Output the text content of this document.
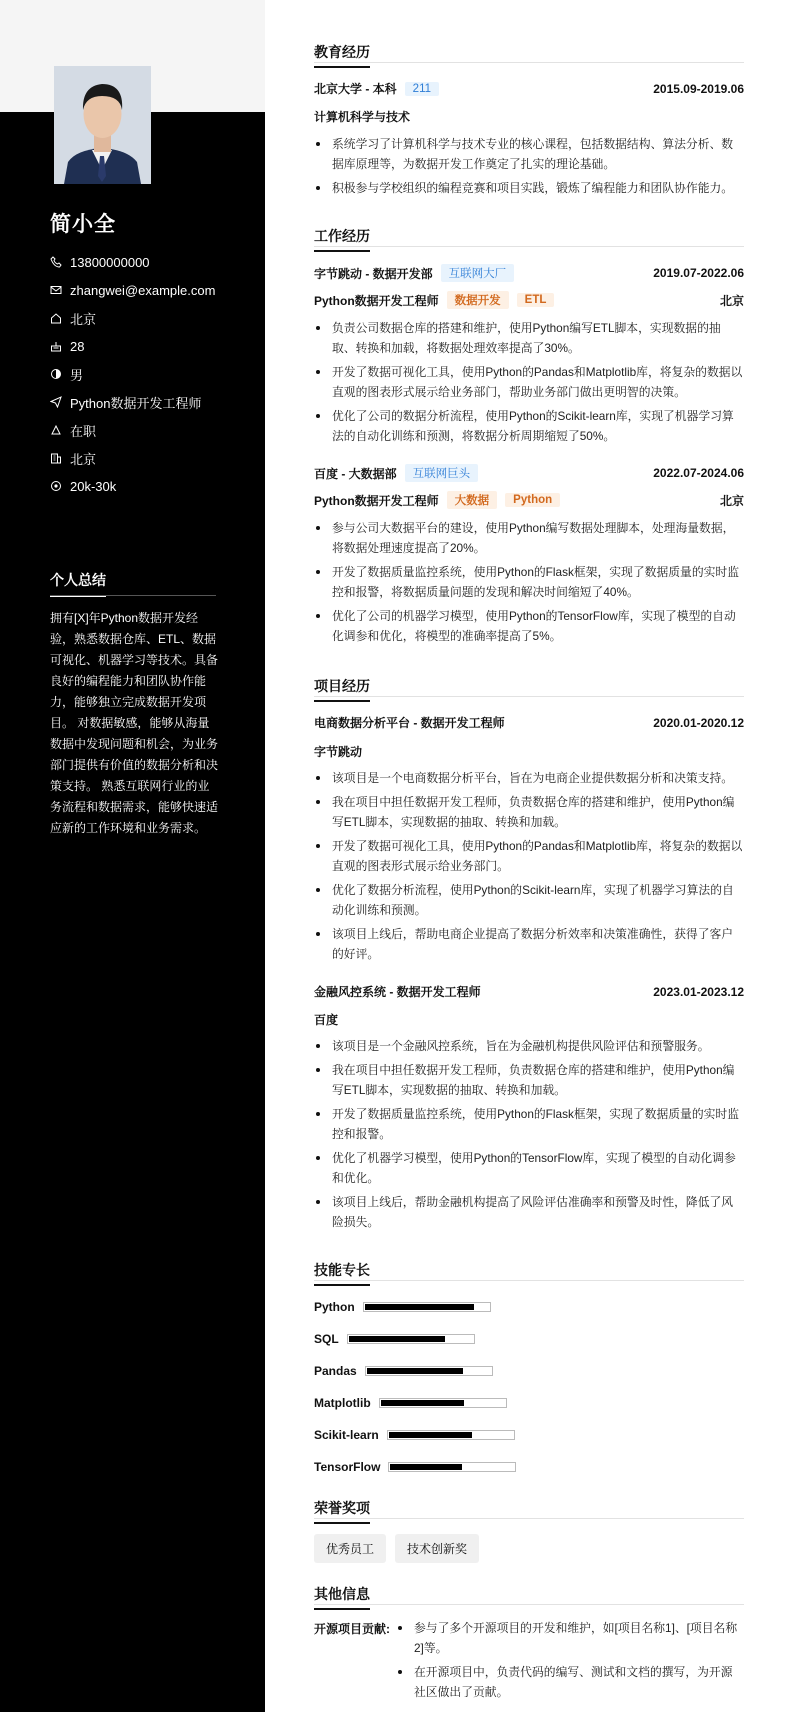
简小全
13800000000
zhangwei@example.com
北京
28
男
Python数据开发工程师
在职
北京
20k-30k
个人总结
拥有[X]年Python数据开发经验，熟悉数据仓库、ETL、数据可视化、机器学习等技术。具备良好的编程能力和团队协作能力，能够独立完成数据开发项目。 对数据敏感，能够从海量数据中发现问题和机会，为业务部门提供有价值的数据分析和决策支持。 熟悉互联网行业的业务流程和数据需求，能够快速适应新的工作环境和业务需求。
教育经历
北京大学 - 本科	211	2015.09-2019.06
计算机科学与技术
系统学习了计算机科学与技术专业的核心课程，包括数据结构、算法分析、数据库原理等，为数据开发工作奠定了扎实的理论基础。
积极参与学校组织的编程竞赛和项目实践，锻炼了编程能力和团队协作能力。
工作经历
字节跳动 - 数据开发部	互联网大厂	2019.07-2022.06
Python数据开发工程师	数据开发	ETL	北京
负责公司数据仓库的搭建和维护，使用Python编写ETL脚本，实现数据的抽取、转换和加载，将数据处理效率提高了30%。
开发了数据可视化工具，使用Python的Pandas和Matplotlib库，将复杂的数据以直观的图表形式展示给业务部门，帮助业务部门做出更明智的决策。
优化了公司的数据分析流程，使用Python的Scikit-learn库，实现了机器学习算法的自动化训练和预测，将数据分析周期缩短了50%。
百度 - 大数据部	互联网巨头	2022.07-2024.06
Python数据开发工程师	大数据	Python	北京
参与公司大数据平台的建设，使用Python编写数据处理脚本，处理海量数据，将数据处理速度提高了20%。
开发了数据质量监控系统，使用Python的Flask框架，实现了数据质量的实时监控和报警，将数据质量问题的发现和解决时间缩短了40%。
优化了公司的机器学习模型，使用Python的TensorFlow库，实现了模型的自动化调参和优化，将模型的准确率提高了5%。
项目经历
电商数据分析平台 - 数据开发工程师	2020.01-2020.12
字节跳动
该项目是一个电商数据分析平台，旨在为电商企业提供数据分析和决策支持。
我在项目中担任数据开发工程师，负责数据仓库的搭建和维护，使用Python编写ETL脚本，实现数据的抽取、转换和加载。
开发了数据可视化工具，使用Python的Pandas和Matplotlib库，将复杂的数据以直观的图表形式展示给业务部门。
优化了数据分析流程，使用Python的Scikit-learn库，实现了机器学习算法的自动化训练和预测。
该项目上线后，帮助电商企业提高了数据分析效率和决策准确性，获得了客户的好评。
金融风控系统 - 数据开发工程师	2023.01-2023.12
百度
该项目是一个金融风控系统，旨在为金融机构提供风险评估和预警服务。
我在项目中担任数据开发工程师，负责数据仓库的搭建和维护，使用Python编写ETL脚本，实现数据的抽取、转换和加载。
开发了数据质量监控系统，使用Python的Flask框架，实现了数据质量的实时监控和报警。
优化了机器学习模型，使用Python的TensorFlow库，实现了模型的自动化调参和优化。
该项目上线后，帮助金融机构提高了风险评估准确率和预警及时性，降低了风险损失。
技能专长
Python
SQL
Pandas
Matplotlib
Scikit-learn
TensorFlow
荣誉奖项
优秀员工	技术创新奖
其他信息
开源项目贡献:	参与了多个开源项目的开发和维护，如[项目名称1]、[项目名称2]等。
在开源项目中，负责代码的编写、测试和文档的撰写，为开源社区做出了贡献。
